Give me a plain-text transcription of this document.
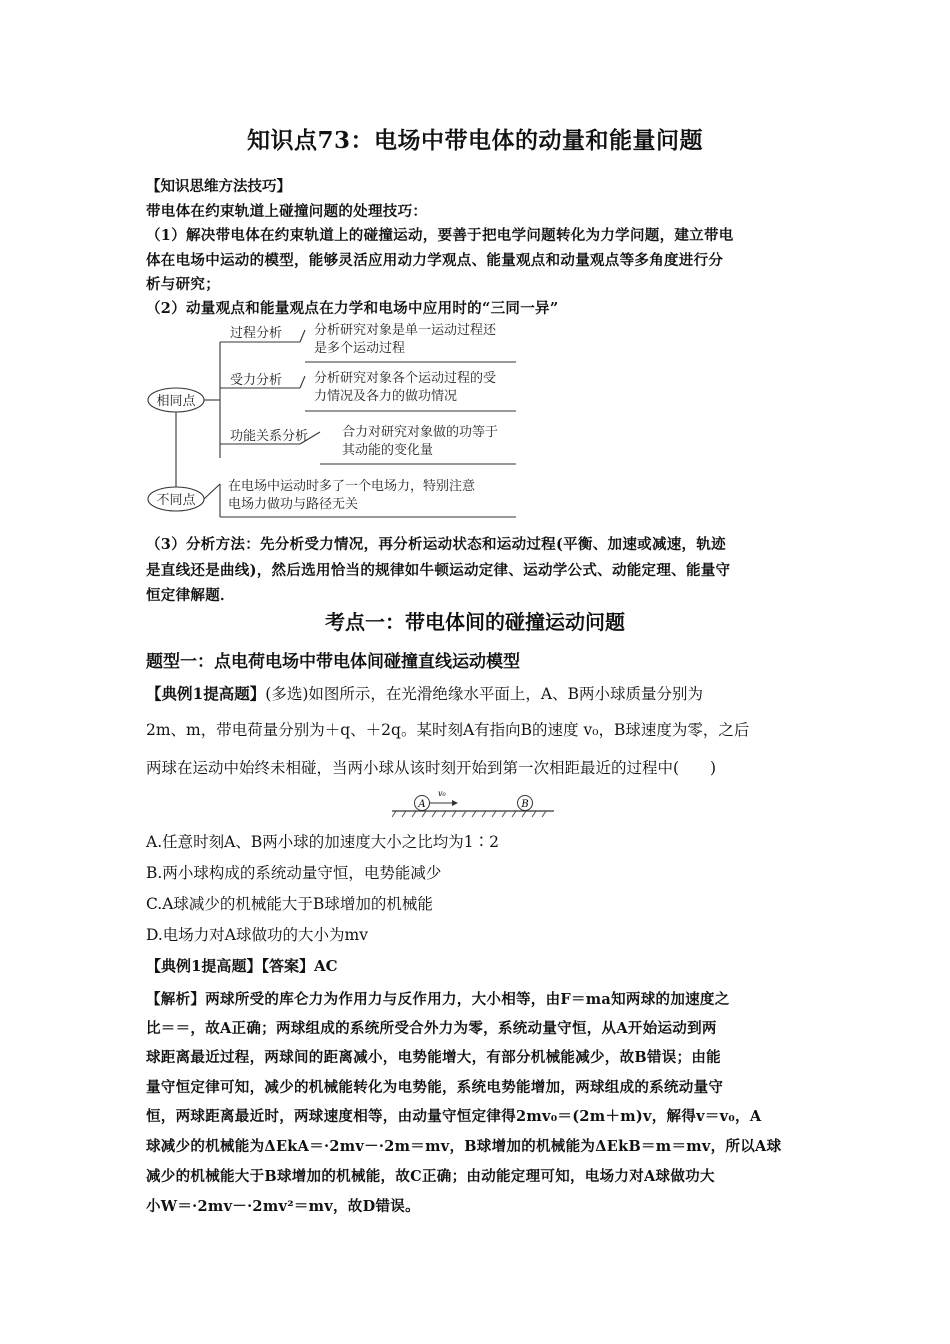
知识点73：电场中带电体的动量和能量问题
【知识思维方法技巧】
带电体在约束轨道上碰撞问题的处理技巧：
（1）解决带电体在约束轨道上的碰撞运动，要善于把电学问题转化为力学问题，建立带电
体在电场中运动的模型，能够灵活应用动力学观点、能量观点和动量观点等多角度进行分
析与研究；
（2）动量观点和能量观点在力学和电场中应用时的“三同一异”
相同点
不同点
过程分析 分析研究对象是单一运动过程还
是多个运动过程
受力分析 分析研究对象各个运动过程的受
力情况及各力的做功情况
功能关系分析	合力对研究对象做的功等于
其动能的变化量
在电场中运动时多了一个电场力，特别注意
电场力做功与路径无关
（3）分析方法：先分析受力情况，再分析运动状态和运动过程(平衡、加速或减速，轨迹
是直线还是曲线)，然后选用恰当的规律如牛顿运动定律、运动学公式、动能定理、能量守
恒定律解题．
考点一：带电体间的碰撞运动问题
题型一：点电荷电场中带电体间碰撞直线运动模型
【典例1提高题】(多选)如图所示，在光滑绝缘水平面上，A、B两小球质量分别为
2m、m，带电荷量分别为＋q、＋2q。某时刻A有指向B的速度 v₀，B球速度为零，之后
两球在运动中始终未相碰，当两小球从该时刻开始到第一次相距最近的过程中(　　)
A	B
v₀
A.任意时刻A、B两小球的加速度大小之比均为1∶2
B.两小球构成的系统动量守恒，电势能减少
C.A球减少的机械能大于B球增加的机械能
D.电场力对A球做功的大小为mv
【典例1提高题】【答案】AC
【解析】两球所受的库仑力为作用力与反作用力，大小相等，由F＝ma知两球的加速度之
比＝＝，故A正确；两球组成的系统所受合外力为零，系统动量守恒，从A开始运动到两
球距离最近过程，两球间的距离减小，电势能增大，有部分机械能减少，故B错误；由能
量守恒定律可知，减少的机械能转化为电势能，系统电势能增加，两球组成的系统动量守
恒，两球距离最近时，两球速度相等，由动量守恒定律得2mv₀＝(2m＋m)v，解得v＝v₀，A
球减少的机械能为ΔEkA＝·2mv－·2m＝mv，B球增加的机械能为ΔEkB＝m＝mv，所以A球
减少的机械能大于B球增加的机械能，故C正确；由动能定理可知，电场力对A球做功大
小W＝·2mv－·2mv²＝mv，故D错误。
